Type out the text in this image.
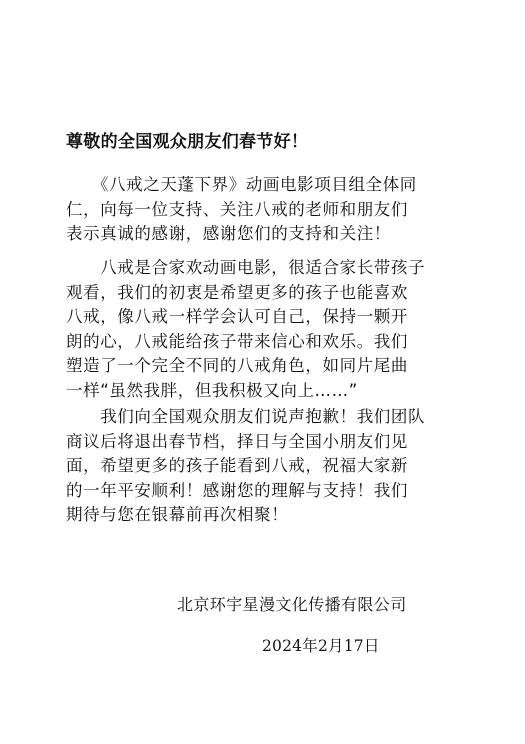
尊敬的全国观众朋友们春节好！
　　《八戒之天蓬下界》动画电影项目组全体同
仁，向每一位支持、关注八戒的老师和朋友们
表示真诚的感谢，感谢您们的支持和关注！
　　八戒是合家欢动画电影，很适合家长带孩子
观看，我们的初衷是希望更多的孩子也能喜欢
八戒，像八戒一样学会认可自己，保持一颗开
朗的心，八戒能给孩子带来信心和欢乐。我们
塑造了一个完全不同的八戒角色，如同片尾曲
一样“虽然我胖，但我积极又向上……”
　　我们向全国观众朋友们说声抱歉！我们团队
商议后将退出春节档，择日与全国小朋友们见
面，希望更多的孩子能看到八戒，祝福大家新
的一年平安顺利！感谢您的理解与支持！我们
期待与您在银幕前再次相聚！
北京环宇星漫文化传播有限公司
2024年2月17日
